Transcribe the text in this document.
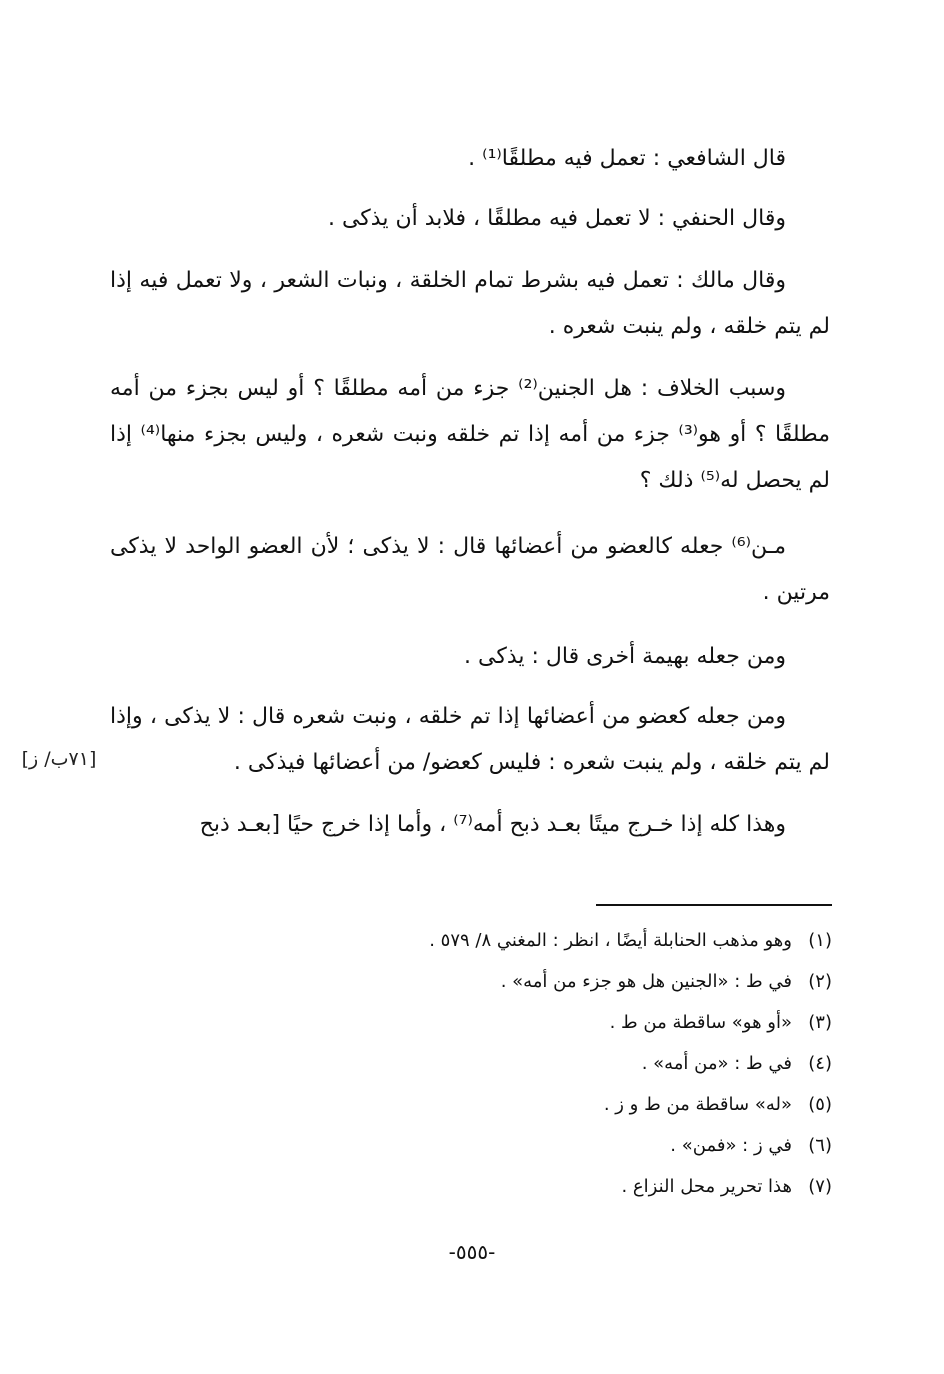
قال الشافعي : تعمل فيه مطلقًا⁽¹⁾ .

وقال الحنفي : لا تعمل فيه مطلقًا ، فلابد أن يذكى .

وقال مالك : تعمل فيه بشرط تمام الخلقة ، ونبات الشعر ، ولا تعمل فيه إذا لم يتم خلقه ، ولم ينبت شعره .

وسبب الخلاف : هل الجنين⁽²⁾ جزء من أمه مطلقًا ؟ أو ليس بجزء من أمه مطلقًا ؟ أو هو⁽³⁾ جزء من أمه إذا تم خلقه ونبت شعره ، وليس بجزء منها⁽⁴⁾ إذا لم يحصل له⁽⁵⁾ ذلك ؟

مـن⁽⁶⁾ جعله كالعضو من أعضائها قال : لا يذكى ؛ لأن العضو الواحد لا يذكى مرتين .

ومن جعله بهيمة أخرى قال : يذكى .

ومن جعله كعضو من أعضائها إذا تم خلقه ، ونبت شعره قال : لا يذكى ، وإذا لم يتم خلقه ، ولم ينبت شعره : فليس كعضو/ من أعضائها فيذكى .

[٧١ب/ ز]

وهذا كله إذا خـرج ميتًا بعـد ذبح أمه⁽⁷⁾ ، وأما إذا خرج حيًا [بعـد ذبح

(١)وهو مذهب الحنابلة أيضًا ، انظر : المغني ٨/ ٥٧٩ .
(٢)في ط : «الجنين هل هو جزء من أمه» .
(٣)«أو هو» ساقطة من ط .
(٤)في ط : «من أمه» .
(٥)«له» ساقطة من ط و ز .
(٦)في ز : «فمن» .
(٧)هذا تحرير محل النزاع .
-٥٥٥-
